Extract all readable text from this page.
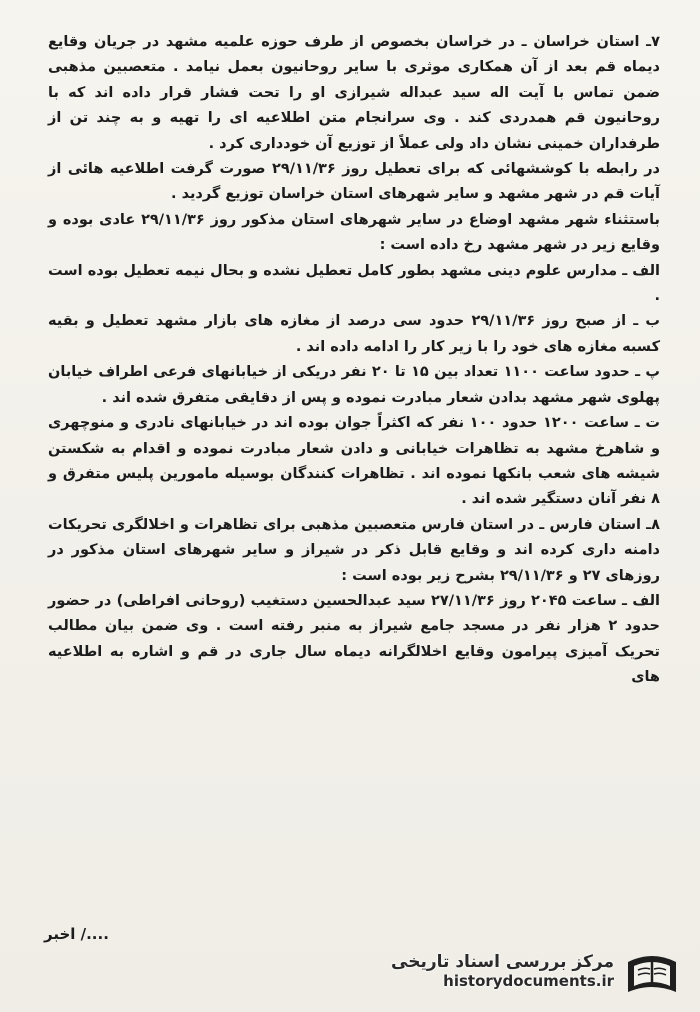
۷ـ استان خراسان ـ در خراسان بخصوص از طرف حوزه علمیه مشهد در جریان وقایع دیماه قم بعد از آن همکاری موثری با سایر روحانیون بعمل نیامد . متعصبین مذهبی ضمن تماس با آیت اله سید عبداله شیرازی او را تحت فشار قرار داده اند که با روحانیون قم همدردی کند . وی سرانجام متن اطلاعیه ای را تهیه و به چند تن از طرفداران خمینی نشان داد ولی عملاً از توزیع آن خودداری کرد .

در رابطه با کوششهائی که برای تعطیل روز ۲۹/۱۱/۳۶ صورت گرفت اطلاعیه هائی از آیات قم در شهر مشهد و سایر شهرهای استان خراسان توزیع گردید .

باستثناء شهر مشهد اوضاع در سایر شهرهای استان مذکور روز ۲۹/۱۱/۳۶ عادی بوده و وقایع زیر در شهر مشهد رخ داده است :

الف ـ مدارس علوم دینی مشهد بطور کامل تعطیل نشده و بحال نیمه تعطیل بوده است .

ب ـ از صبح روز ۲۹/۱۱/۳۶ حدود سی درصد از مغازه های بازار مشهد تعطیل و بقیه کسبه مغازه های خود را با زیر کار را ادامه داده اند .

پ ـ حدود ساعت ۱۱۰۰ تعداد بین ۱۵ تا ۲۰ نفر دریکی از خیابانهای فرعی اطراف خیابان پهلوی شهر مشهد بدادن شعار مبادرت نموده و پس از دقایقی متفرق شده اند .

ت ـ ساعت ۱۲۰۰ حدود ۱۰۰ نفر که اکثراً جوان بوده اند در خیابانهای نادری و منوچهری و شاهرخ مشهد به تظاهرات خیابانی و دادن شعار مبادرت نموده و اقدام به شکستن شیشه های شعب بانکها نموده اند . تظاهرات کنندگان بوسیله مامورین پلیس متفرق و ۸ نفر آنان دستگیر شده اند .

۸ـ استان فارس ـ در استان فارس متعصبین مذهبی برای تظاهرات و اخلالگری تحریکات دامنه داری کرده اند و وقایع قابل ذکر در شیراز و سایر شهرهای استان مذکور در روزهای ۲۷ و ۲۹/۱۱/۳۶ بشرح زیر بوده است :

الف ـ ساعت ۲۰۴۵ روز ۲۷/۱۱/۳۶ سید عبدالحسین دستغیب (روحانی افراطی) در حضور حدود ۲ هزار نفر در مسجد جامع شیراز به منبر رفته است . وی ضمن بیان مطالب تحریک آمیزی پیرامون وقایع اخلالگرانه دیماه سال جاری در قم و اشاره به اطلاعیه های

اخبر /....
مرکز بررسی اسناد تاریخی
historydocuments.ir
